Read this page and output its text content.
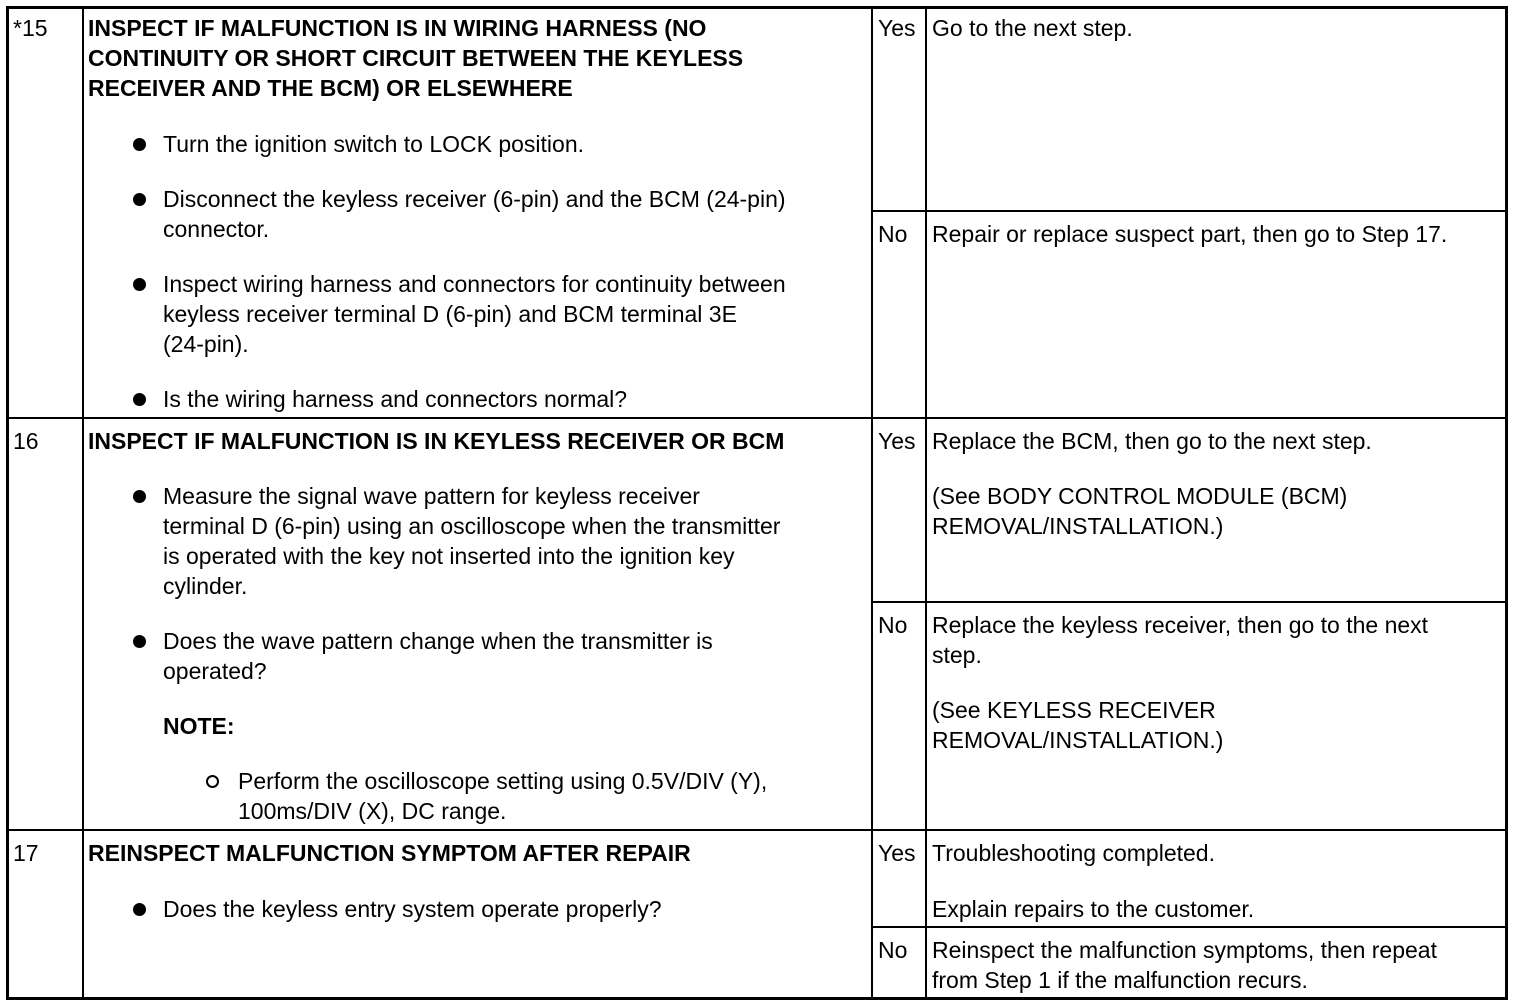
*15 INSPECT IF MALFUNCTION IS IN WIRING HARNESS (NO
CONTINUITY OR SHORT CIRCUIT BETWEEN THE KEYLESS
RECEIVER AND THE BCM) OR ELSEWHERE
Turn the ignition switch to LOCK position.
Disconnect the keyless receiver (6-pin) and the BCM (24-pin)
connector.
Inspect wiring harness and connectors for continuity between
keyless receiver terminal D (6-pin) and BCM terminal 3E
(24-pin).
Is the wiring harness and connectors normal?
Yes Go to the next step.
No Repair or replace suspect part, then go to Step 17.
16 INSPECT IF MALFUNCTION IS IN KEYLESS RECEIVER OR BCM
Measure the signal wave pattern for keyless receiver
terminal D (6-pin) using an oscilloscope when the transmitter
is operated with the key not inserted into the ignition key
cylinder.
Does the wave pattern change when the transmitter is
operated?
NOTE:
Perform the oscilloscope setting using 0.5V/DIV (Y),
100ms/DIV (X), DC range.
Yes Replace the BCM, then go to the next step.
(See BODY CONTROL MODULE (BCM)
REMOVAL/INSTALLATION.)
No Replace the keyless receiver, then go to the next
step.
(See KEYLESS RECEIVER
REMOVAL/INSTALLATION.)
17 REINSPECT MALFUNCTION SYMPTOM AFTER REPAIR
Does the keyless entry system operate properly?
Yes Troubleshooting completed.
Explain repairs to the customer.
No Reinspect the malfunction symptoms, then repeat
from Step 1 if the malfunction recurs.
